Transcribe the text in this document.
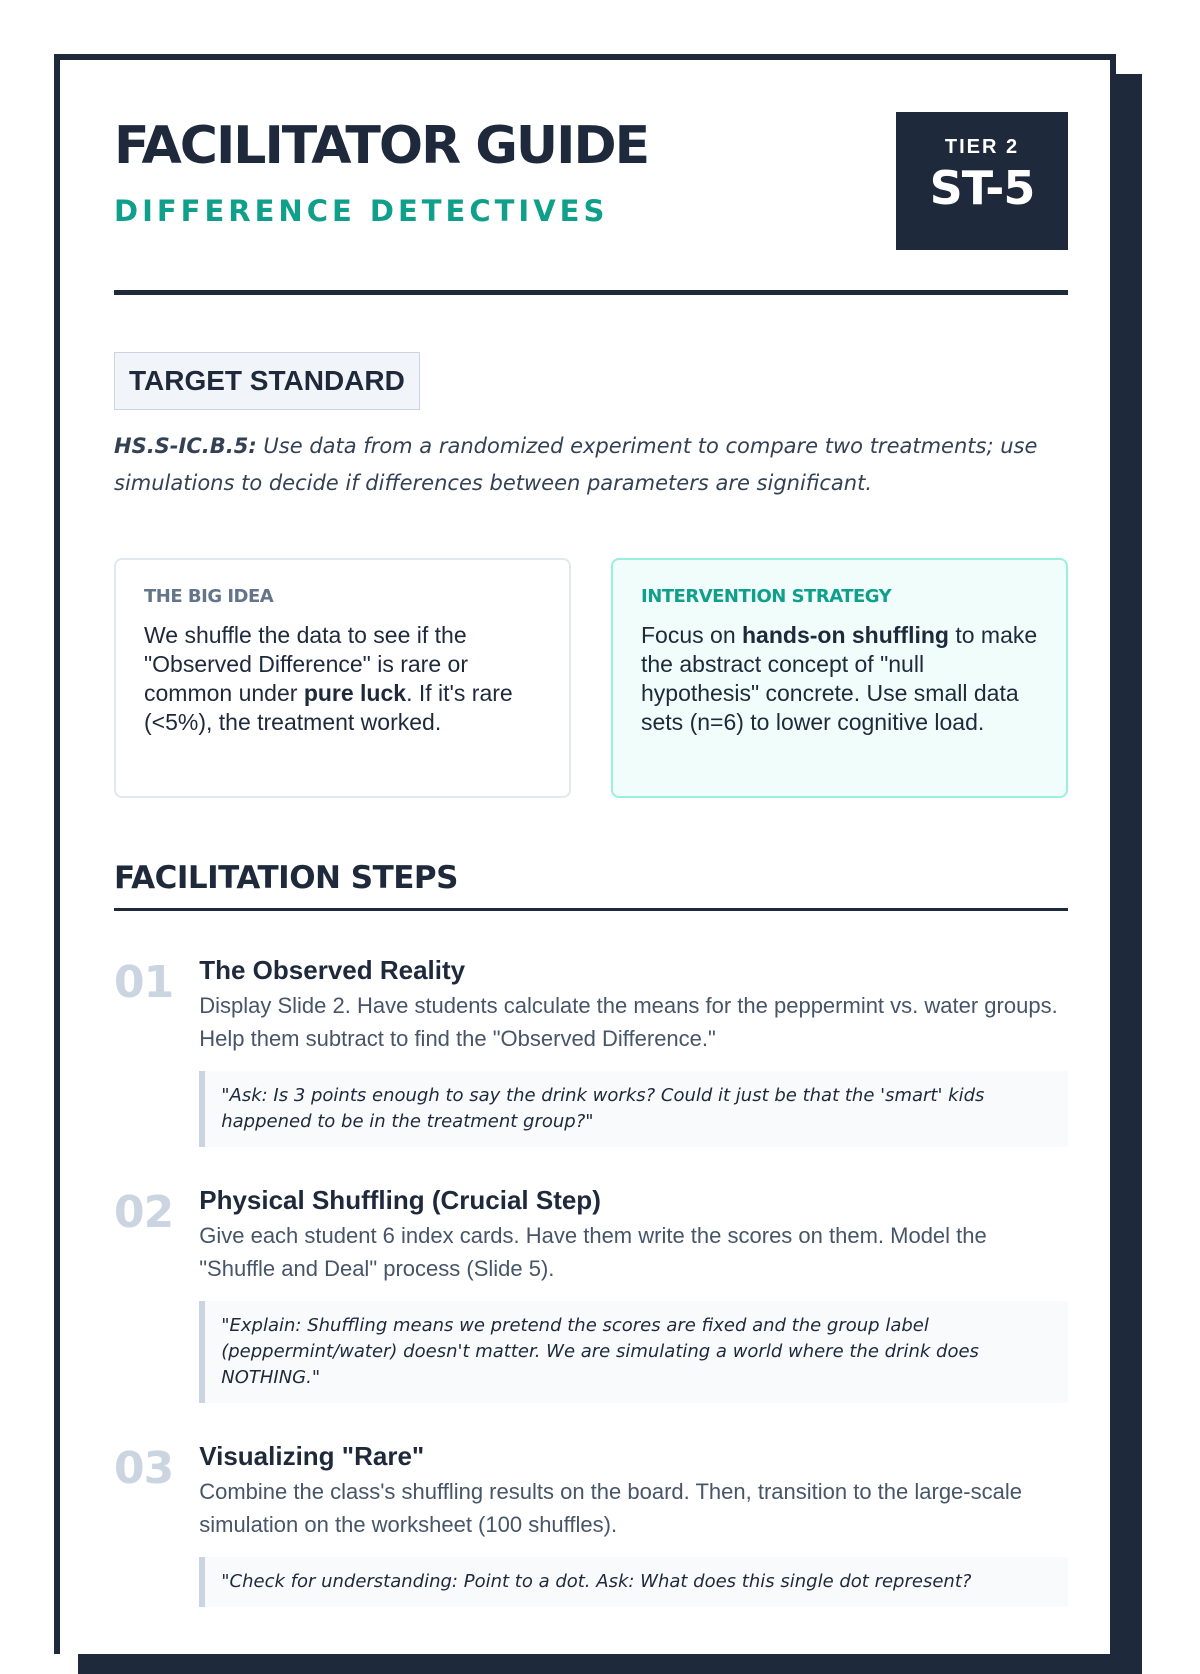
FACILITATOR GUIDE
DIFFERENCE DETECTIVES
TIER 2
ST-5
TARGET STANDARD

HS.S-IC.B.5: Use data from a randomized experiment to compare two treatments; use simulations to decide if differences between parameters are significant.

THE BIG IDEA
We shuffle the data to see if the "Observed Difference" is rare or common under pure luck. If it's rare (<5%), the treatment worked.
INTERVENTION STRATEGY
Focus on hands-on shuffling to make the abstract concept of "null hypothesis" concrete. Use small data sets (n=6) to lower cognitive load.
FACILITATION STEPS
01 The Observed Reality
Display Slide 2. Have students calculate the means for the peppermint vs. water groups. Help them subtract to find the "Observed Difference."
"Ask: Is 3 points enough to say the drink works? Could it just be that the 'smart' kids happened to be in the treatment group?"
02 Physical Shuffling (Crucial Step)
Give each student 6 index cards. Have them write the scores on them. Model the "Shuffle and Deal" process (Slide 5).
"Explain: Shuffling means we pretend the scores are fixed and the group label (peppermint/water) doesn't matter. We are simulating a world where the drink does NOTHING."
03 Visualizing "Rare"
Combine the class's shuffling results on the board. Then, transition to the large-scale simulation on the worksheet (100 shuffles).
"Check for understanding: Point to a dot. Ask: What does this single dot represent?
